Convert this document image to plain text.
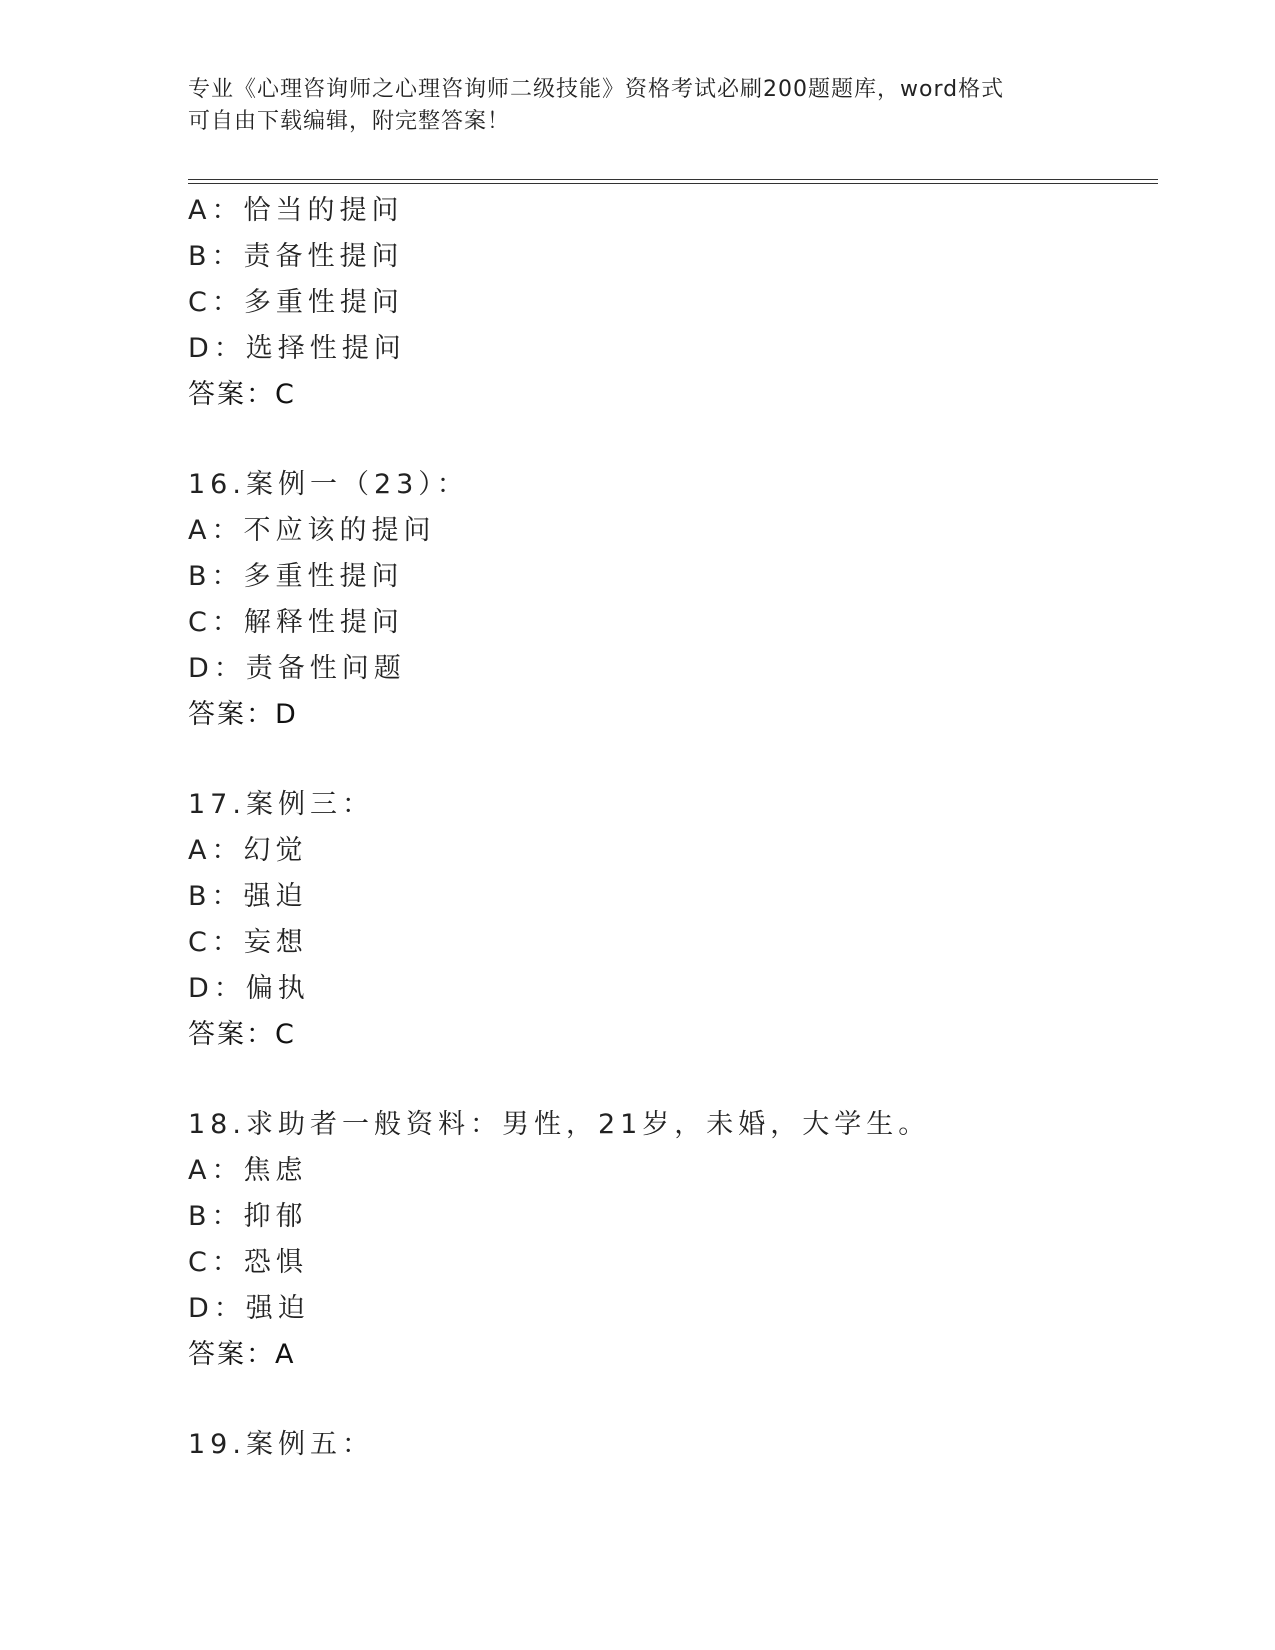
专业《心理咨询师之心理咨询师二级技能》资格考试必刷200题题库，word格式
可自由下载编辑，附完整答案！
A：恰当的提问
B：责备性提问
C：多重性提问
D：选择性提问
答案：C
16.案例一（23）：
A：不应该的提问
B：多重性提问
C：解释性提问
D：责备性问题
答案：D
17.案例三：
A：幻觉
B：强迫
C：妄想
D：偏执
答案：C
18.求助者一般资料：男性，21岁，未婚，大学生。
A：焦虑
B：抑郁
C：恐惧
D：强迫
答案：A
19.案例五：
